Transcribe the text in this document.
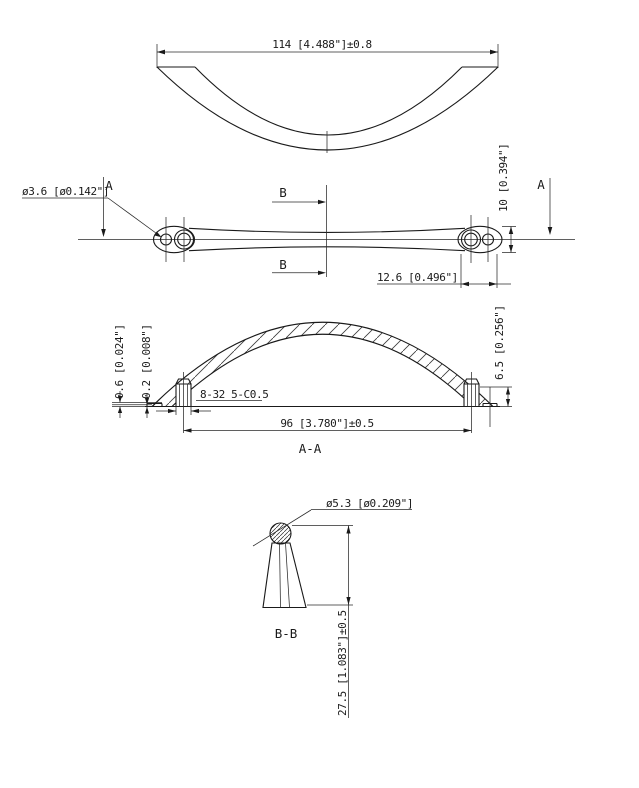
114 [4.488"]±0.8
ø3.6 [ø0.142"]
A	A
B
B
10 [0.394"]
12.6 [0.496"]
0.6 [0.024"] 0.2 [0.008"]	8-32 5-C0.5
96 [3.780"]±0.5
6.5 [0.256"]
A-A
ø5.3 [ø0.209"]
27.5 [1.083"]±0.5
B-B
